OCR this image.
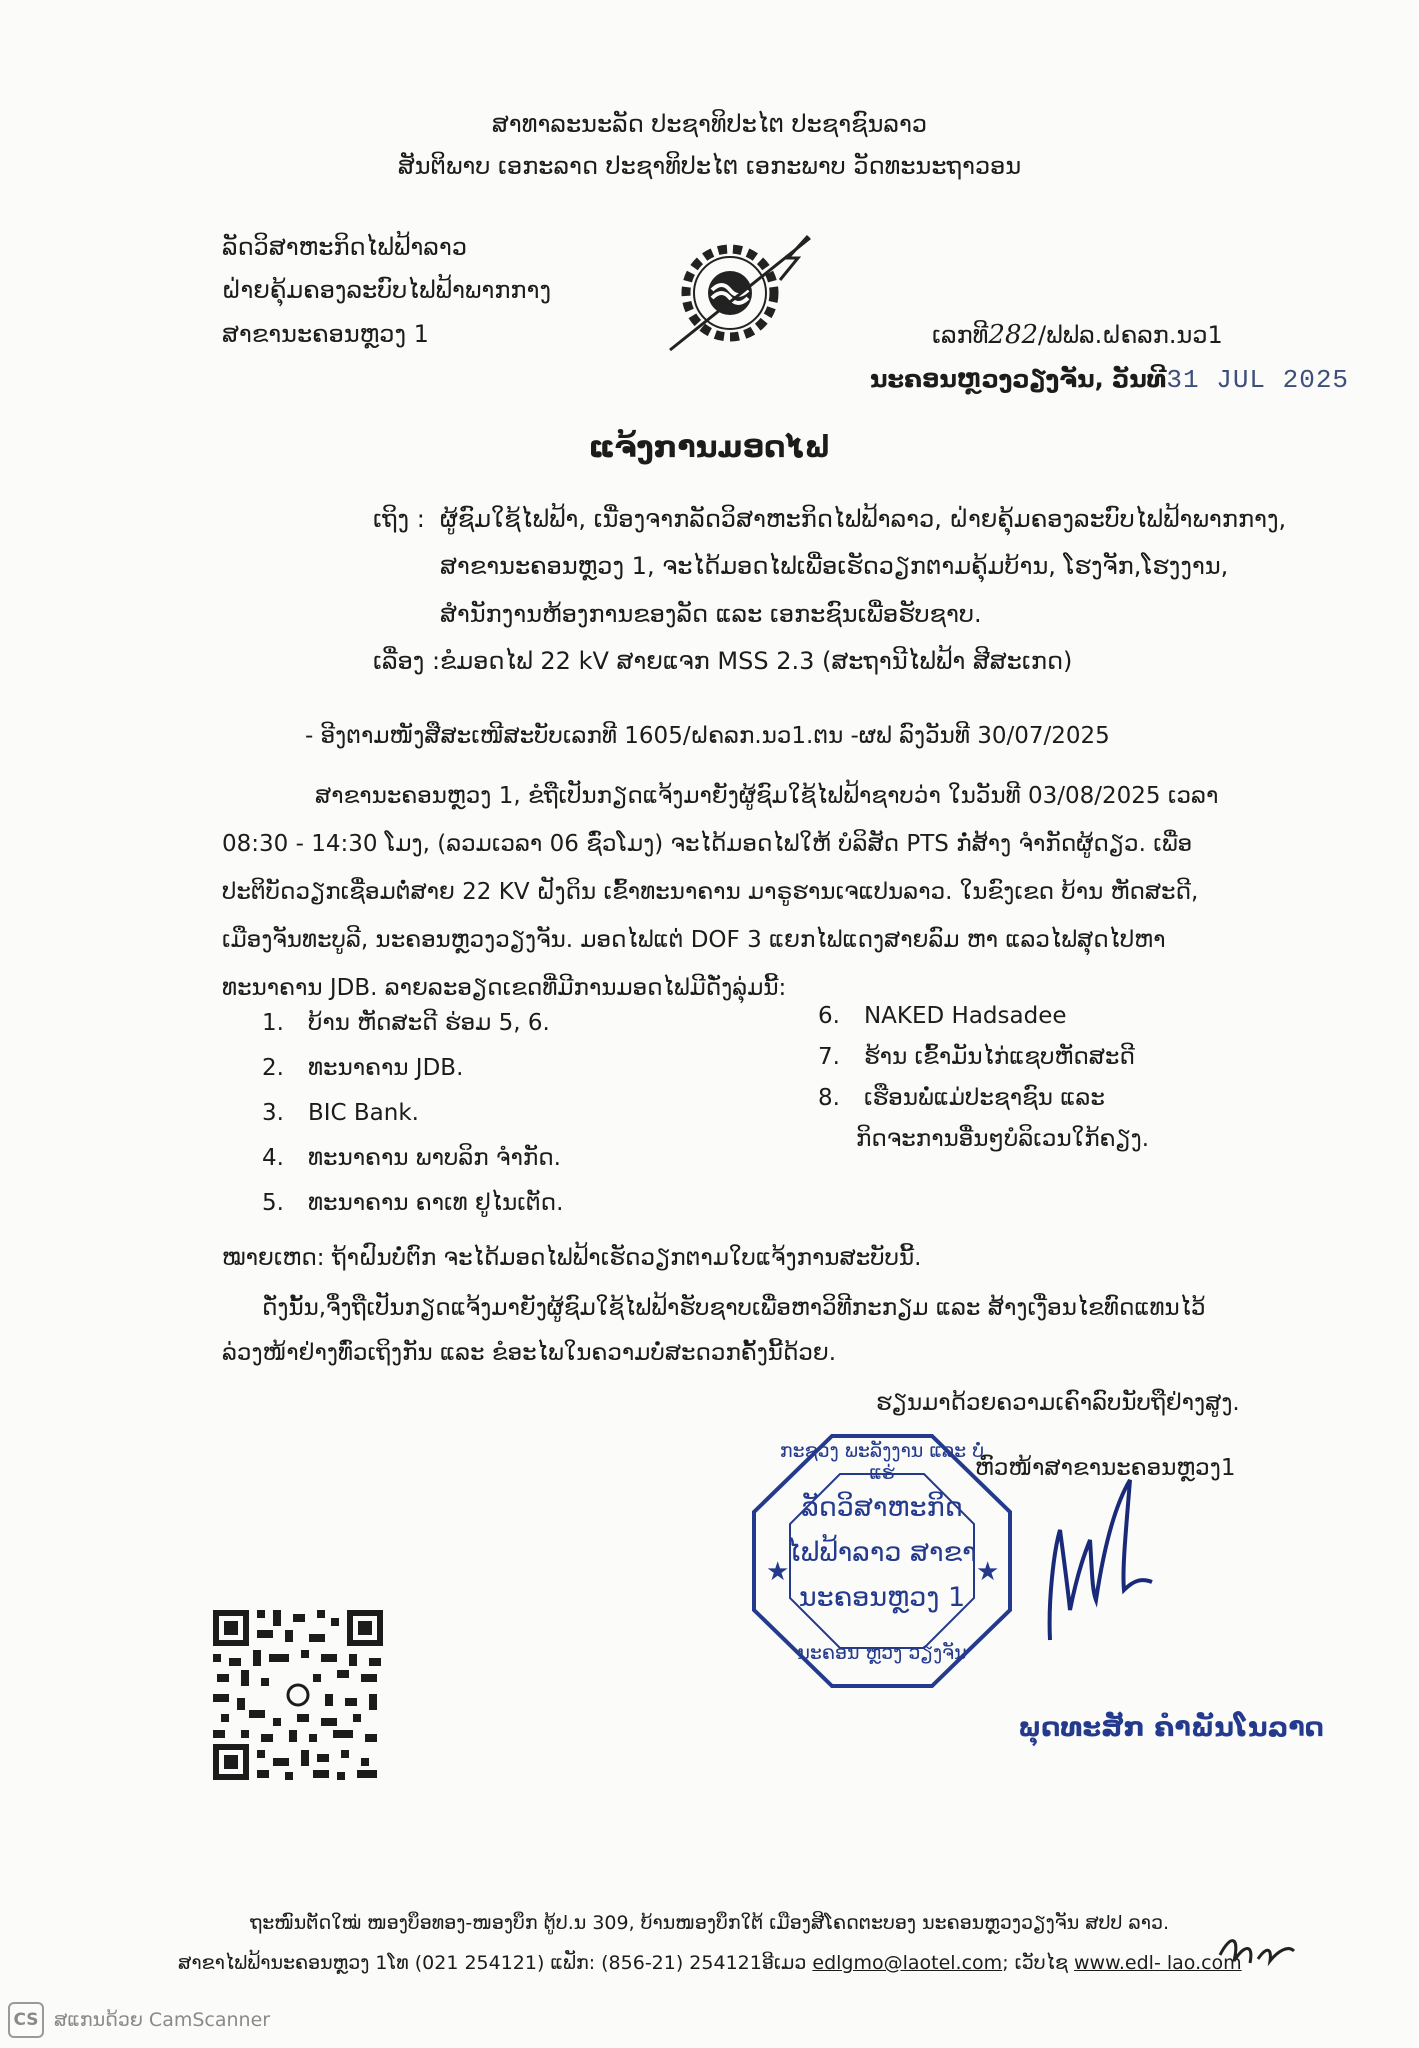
ສາທາລະນະລັດ ປະຊາທິປະໄຕ ປະຊາຊົນລາວ
ສັນຕິພາບ ເອກະລາດ ປະຊາທິປະໄຕ ເອກະພາບ ວັດທະນະຖາວອນ
ລັດວິສາຫະກິດໄຟຟ້າລາວ
ຝ່າຍຄຸ້ມຄອງລະບົບໄຟຟ້າພາກກາງ
ສາຂານະຄອນຫຼວງ 1	ເລກທີ282/ຟຟລ.ຝຄລກ.ນວ1
ນະຄອນຫຼວງວຽງຈັນ, ວັນທີ31 JUL 2025
ແຈ້ງການມອດໄຟ
ເຖິງ : ຜູ້ຊົມໃຊ້ໄຟຟ້າ, ເນື່ອງຈາກລັດວິສາຫະກິດໄຟຟ້າລາວ, ຝ່າຍຄຸ້ມຄອງລະບົບໄຟຟ້າພາກກາງ,
ສາຂານະຄອນຫຼວງ 1, ຈະໄດ້ມອດໄຟເພື່ອເຮັດວຽກຕາມຄຸ້ມບ້ານ, ໂຮງຈັກ,ໂຮງງານ,
ສຳນັກງານຫ້ອງການຂອງລັດ ແລະ ເອກະຊົນເພື່ອຮັບຊາບ.
ເລື່ອງ : ຂໍມອດໄຟ 22 kV ສາຍແຈກ MSS 2.3 (ສະຖານີໄຟຟ້າ ສີສະເກດ)
- ອີງຕາມໜັງສືສະເໜີສະບັບເລກທີ 1605/ຝຄລກ.ນວ1.ຕນ -ຜຟ ລົງວັນທີ 30/07/2025
ສາຂານະຄອນຫຼວງ 1, ຂໍຖືເປັນກຽດແຈ້ງມາຍັງຜູ້ຊົມໃຊ້ໄຟຟ້າຊາບວ່າ ໃນວັນທີ 03/08/2025 ເວລາ
08:30 - 14:30 ໂມງ, (ລວມເວລາ 06 ຊົ່ວໂມງ) ຈະໄດ້ມອດໄຟໃຫ້ ບໍລິສັດ PTS ກໍ່ສ້າງ ຈຳກັດຜູ້ດຽວ. ເພື່ອ
ປະຕິບັດວຽກເຊື່ອມຕໍ່ສາຍ 22 KV ຝັງດິນ ເຂົ້າທະນາຄານ ມາຣູຮານເຈແປນລາວ. ໃນຂົງເຂດ ບ້ານ ຫັດສະດີ,
ເມືອງຈັນທະບູລີ, ນະຄອນຫຼວງວຽງຈັນ. ມອດໄຟແຕ່ DOF 3 ແຍກໄຟແດງສາຍລົມ ຫາ ແລວໄຟສຸດໄປຫາ
ທະນາຄານ JDB. ລາຍລະອຽດເຂດທີ່ມີການມອດໄຟມີດັ່ງລຸ່ມນີ້:
1. ບ້ານ ຫັດສະດີ ຮ່ອມ 5, 6.
2. ທະນາຄານ JDB.
3. BIC Bank.
4. ທະນາຄານ ພາບລິກ ຈຳກັດ.
5. ທະນາຄານ ຄາເທ ຢູໄນເຕັດ.
6. NAKED Hadsadee
7. ຮ້ານ ເຂົ້າມັນໄກ່ແຊບຫັດສະດີ
8. ເຮືອນພໍ່ແມ່ປະຊາຊົນ ແລະ
ກິດຈະການອື່ນໆບໍລິເວນໃກ້ຄຽງ.
ໝາຍເຫດ: ຖ້າຝົນບໍ່ຕົກ ຈະໄດ້ມອດໄຟຟ້າເຮັດວຽກຕາມໃບແຈ້ງການສະບັບນີ້.
ດັ່ງນັ້ນ,ຈຶ່ງຖືເປັນກຽດແຈ້ງມາຍັງຜູ້ຊົມໃຊ້ໄຟຟ້າຮັບຊາບເພື່ອຫາວິທີກະກຽມ ແລະ ສ້າງເງື່ອນໄຂທົດແທນໄວ້
ລ່ວງໜ້າຢ່າງທົ່ວເຖິງກັນ ແລະ ຂໍອະໄພໃນຄວາມບໍ່ສະດວກຄັ້ງນີ້ດ້ວຍ.
ຮຽນມາດ້ວຍຄວາມເຄົາລົບນັບຖືຢ່າງສູງ.
ຫົວໜ້າສາຂານະຄອນຫຼວງ1
★	★
ກະຊວງ ພະລັງງານ ແລະ ບໍ່ແຮ່
ລັດວິສາຫະກິດ
ໄຟຟ້າລາວ ສາຂາ
ນະຄອນຫຼວງ 1
ນະຄອນ ຫຼວງ ວຽງຈັນ
ພຸດທະສັກ ຄຳພັນໂນລາດ
ຖະໜົນຕັດໃໝ່ ໜອງບຶອທອງ-ໜອງບຶກ ຕູ້ປ.ນ 309, ບ້ານໜອງບຶກໃຕ້ ເມືອງສີໂຄດຕະບອງ ນະຄອນຫຼວງວຽງຈັນ ສປປ ລາວ.
ສາຂາໄຟຟ້ານະຄອນຫຼວງ 1ໂທ (021 254121) ແຟັກ: (856-21) 254121ອີເມວ edlgmo@laotel.com; ເວັບໄຊ www.edl- lao.com
CS ສແກນດ້ວຍ CamScanner
